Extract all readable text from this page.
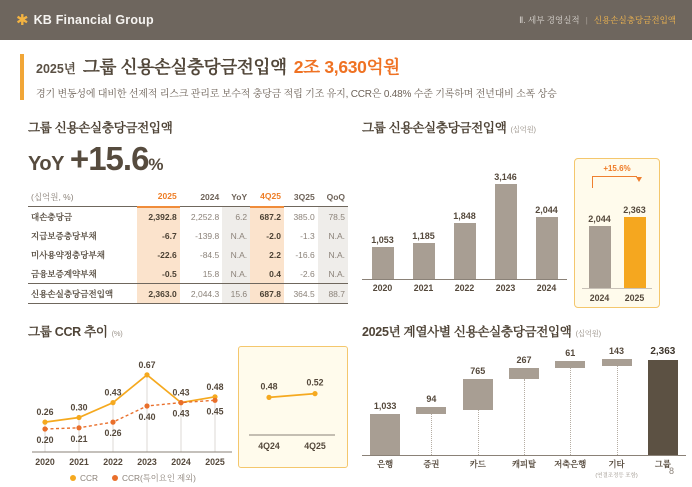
✱ KB Financial Group	Ⅱ. 세부 경영실적 | 신용손실충당금전입액
2025년 그룹 신용손실충당금전입액 2조 3,630억원
경기 변동성에 대비한 선제적 리스크 관리로 보수적 충당금 적립 기조 유지, CCR은 0.48% 수준 기록하며 전년대비 소폭 상승
그룹 신용손실충당금전입액
YoY +15.6 %
(십억원, %)	2025	2024	YoY	4Q25	3Q25	QoQ
대손충당금	2,392.8	2,252.8	6.2	687.2	385.0	78.5
지급보증충당부채	-6.7	-139.8	N.A.	-2.0	-1.3	N.A.
미사용약정충당부채	-22.6	-84.5	N.A.	2.2	-16.6	N.A.
금융보증계약부채	-0.5	15.8	N.A.	0.4	-2.6	N.A.
신용손실충당금전입액	2,363.0	2,044.3	15.6	687.8	364.5	88.7
그룹 신용손실충당금전입액 (십억원)
1,053 1,185
1,848
3,146
2,044
2020	2021	2022	2023	2024
+15.6%
2,044
2,363
2024	2025
그룹 CCR 추이 (%)
0.26 0.30
0.43
0.67
0.43
0.48
0.20 0.21
0.26
0.40 0.43 0.45
2020 2021 2022 2023 2024 2025
0.48
4Q24
0.52
4Q25
CCR	CCR(특이요인 제외)
2025년 계열사별 신용손실충당금전입액 (십억원)
1,033
94
765
267
61	143	2,363
은행	증권	카드	캐피탈	저축은행	기타
(연결조정등 포함)
그룹
8
